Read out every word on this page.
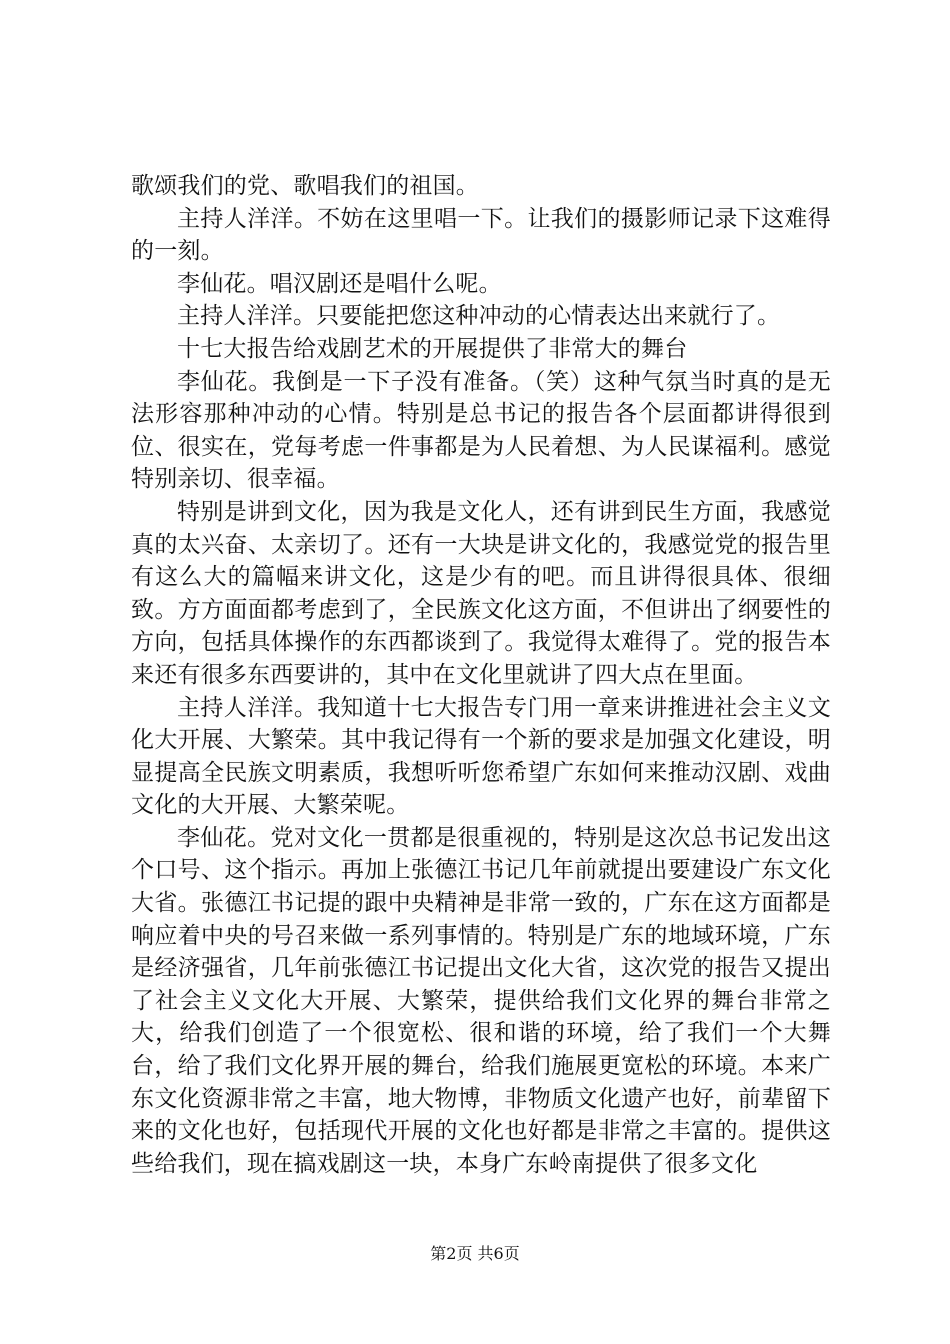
歌颂我们的党、歌唱我们的祖国。

主持人洋洋。不妨在这里唱一下。让我们的摄影师记录下这难得的一刻。

李仙花。唱汉剧还是唱什么呢。

主持人洋洋。只要能把您这种冲动的心情表达出来就行了。

十七大报告给戏剧艺术的开展提供了非常大的舞台

李仙花。我倒是一下子没有准备。（笑）这种气氛当时真的是无法形容那种冲动的心情。特别是总书记的报告各个层面都讲得很到位、很实在，党每考虑一件事都是为人民着想、为人民谋福利。感觉特别亲切、很幸福。

特别是讲到文化，因为我是文化人，还有讲到民生方面，我感觉真的太兴奋、太亲切了。还有一大块是讲文化的，我感觉党的报告里有这么大的篇幅来讲文化，这是少有的吧。而且讲得很具体、很细致。方方面面都考虑到了，全民族文化这方面，不但讲出了纲要性的方向，包括具体操作的东西都谈到了。我觉得太难得了。党的报告本来还有很多东西要讲的，其中在文化里就讲了四大点在里面。

主持人洋洋。我知道十七大报告专门用一章来讲推进社会主义文化大开展、大繁荣。其中我记得有一个新的要求是加强文化建设，明显提高全民族文明素质，我想听听您希望广东如何来推动汉剧、戏曲文化的大开展、大繁荣呢。

李仙花。党对文化一贯都是很重视的，特别是这次总书记发出这个口号、这个指示。再加上张德江书记几年前就提出要建设广东文化大省。张德江书记提的跟中央精神是非常一致的，广东在这方面都是响应着中央的号召来做一系列事情的。特别是广东的地域环境，广东是经济强省，几年前张德江书记提出文化大省，这次党的报告又提出了社会主义文化大开展、大繁荣，提供给我们文化界的舞台非常之大，给我们创造了一个很宽松、很和谐的环境，给了我们一个大舞台，给了我们文化界开展的舞台，给我们施展更宽松的环境。本来广东文化资源非常之丰富，地大物博，非物质文化遗产也好，前辈留下来的文化也好，包括现代开展的文化也好都是非常之丰富的。提供这些给我们，现在搞戏剧这一块，本身广东岭南提供了很多文化

第2页 共6页
